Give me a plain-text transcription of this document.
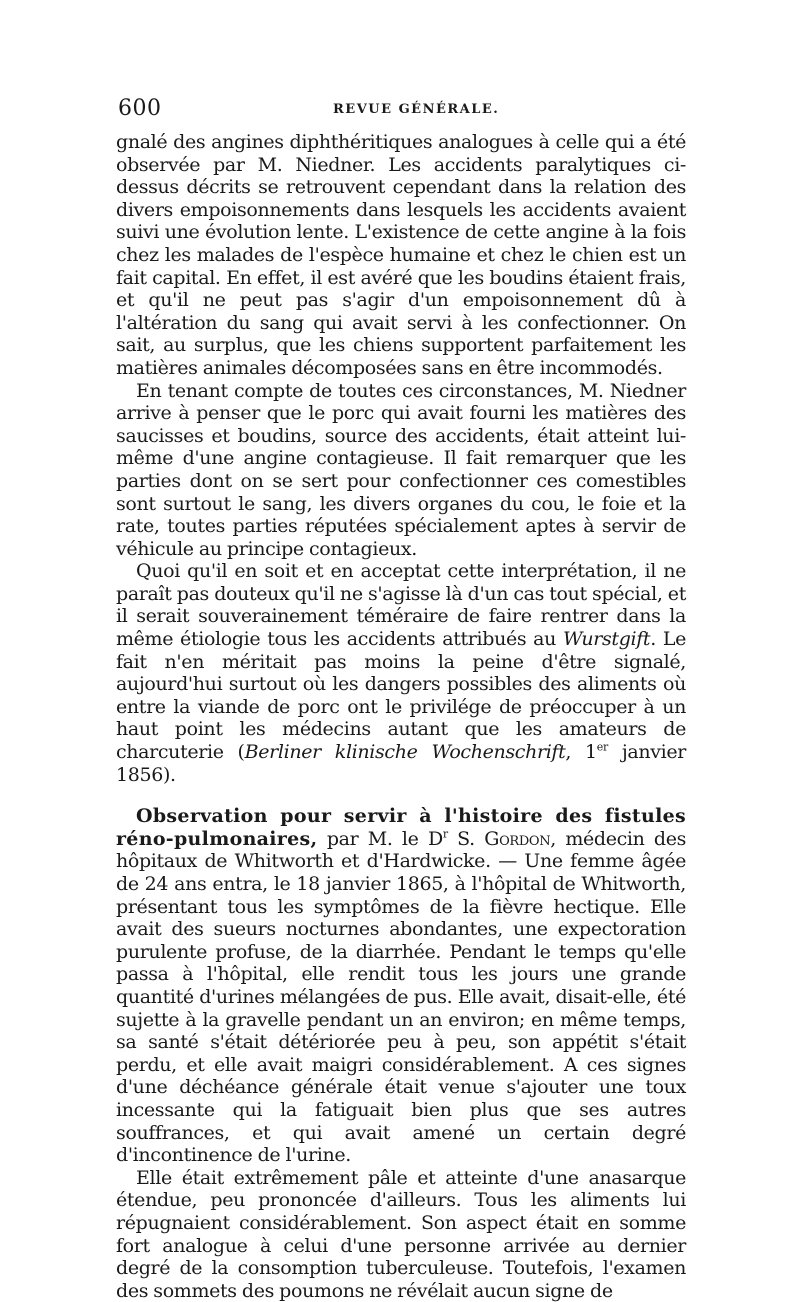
600	REVUE GÉNÉRALE.

gnalé des angines diphthéritiques analogues à celle qui a été observée par M. Niedner. Les accidents paralytiques ci-dessus décrits se retrouvent cependant dans la relation des divers empoisonnements dans lesquels les accidents avaient suivi une évolution lente. L'existence de cette angine à la fois chez les malades de l'espèce humaine et chez le chien est un fait capital. En effet, il est avéré que les boudins étaient frais, et qu'il ne peut pas s'agir d'un empoisonnement dû à l'altération du sang qui avait servi à les confectionner. On sait, au surplus, que les chiens supportent parfaitement les matières animales décomposées sans en être incommodés.

En tenant compte de toutes ces circonstances, M. Niedner arrive à penser que le porc qui avait fourni les matières des saucisses et boudins, source des accidents, était atteint lui-même d'une angine contagieuse. Il fait remarquer que les parties dont on se sert pour confectionner ces comestibles sont surtout le sang, les divers organes du cou, le foie et la rate, toutes parties réputées spécialement aptes à servir de véhicule au principe contagieux.

Quoi qu'il en soit et en acceptat cette interprétation, il ne paraît pas douteux qu'il ne s'agisse là d'un cas tout spécial, et il serait souverainement téméraire de faire rentrer dans la même étiologie tous les accidents attribués au Wurstgift. Le fait n'en méritait pas moins la peine d'être signalé, aujourd'hui surtout où les dangers possibles des aliments où entre la viande de porc ont le privilége de préoccuper à un haut point les médecins autant que les amateurs de charcuterie (Berliner klinische Wochenschrift, 1er janvier 1856).

Observation pour servir à l'histoire des fistules réno-pulmonaires, par M. le $D^r$ S. Gordon, médecin des hôpitaux de Whitworth et d'Hardwicke. — Une femme âgée de 24 ans entra, le 18 janvier 1865, à l'hôpital de Whitworth, présentant tous les symptômes de la fièvre hectique. Elle avait des sueurs nocturnes abondantes, une expectoration purulente profuse, de la diarrhée. Pendant le temps qu'elle passa à l'hôpital, elle rendit tous les jours une grande quantité d'urines mélangées de pus. Elle avait, disait-elle, été sujette à la gravelle pendant un an environ; en même temps, sa santé s'était détériorée peu à peu, son appétit s'était perdu, et elle avait maigri considérablement. A ces signes d'une déchéance générale était venue s'ajouter une toux incessante qui la fatiguait bien plus que ses autres souffrances, et qui avait amené un certain degré d'incontinence de l'urine.

Elle était extrêmement pâle et atteinte d'une anasarque étendue, peu prononcée d'ailleurs. Tous les aliments lui répugnaient considérablement. Son aspect était en somme fort analogue à celui d'une personne arrivée au dernier degré de la consomption tuberculeuse. Toutefois, l'examen des sommets des poumons ne révélait aucun signe de
